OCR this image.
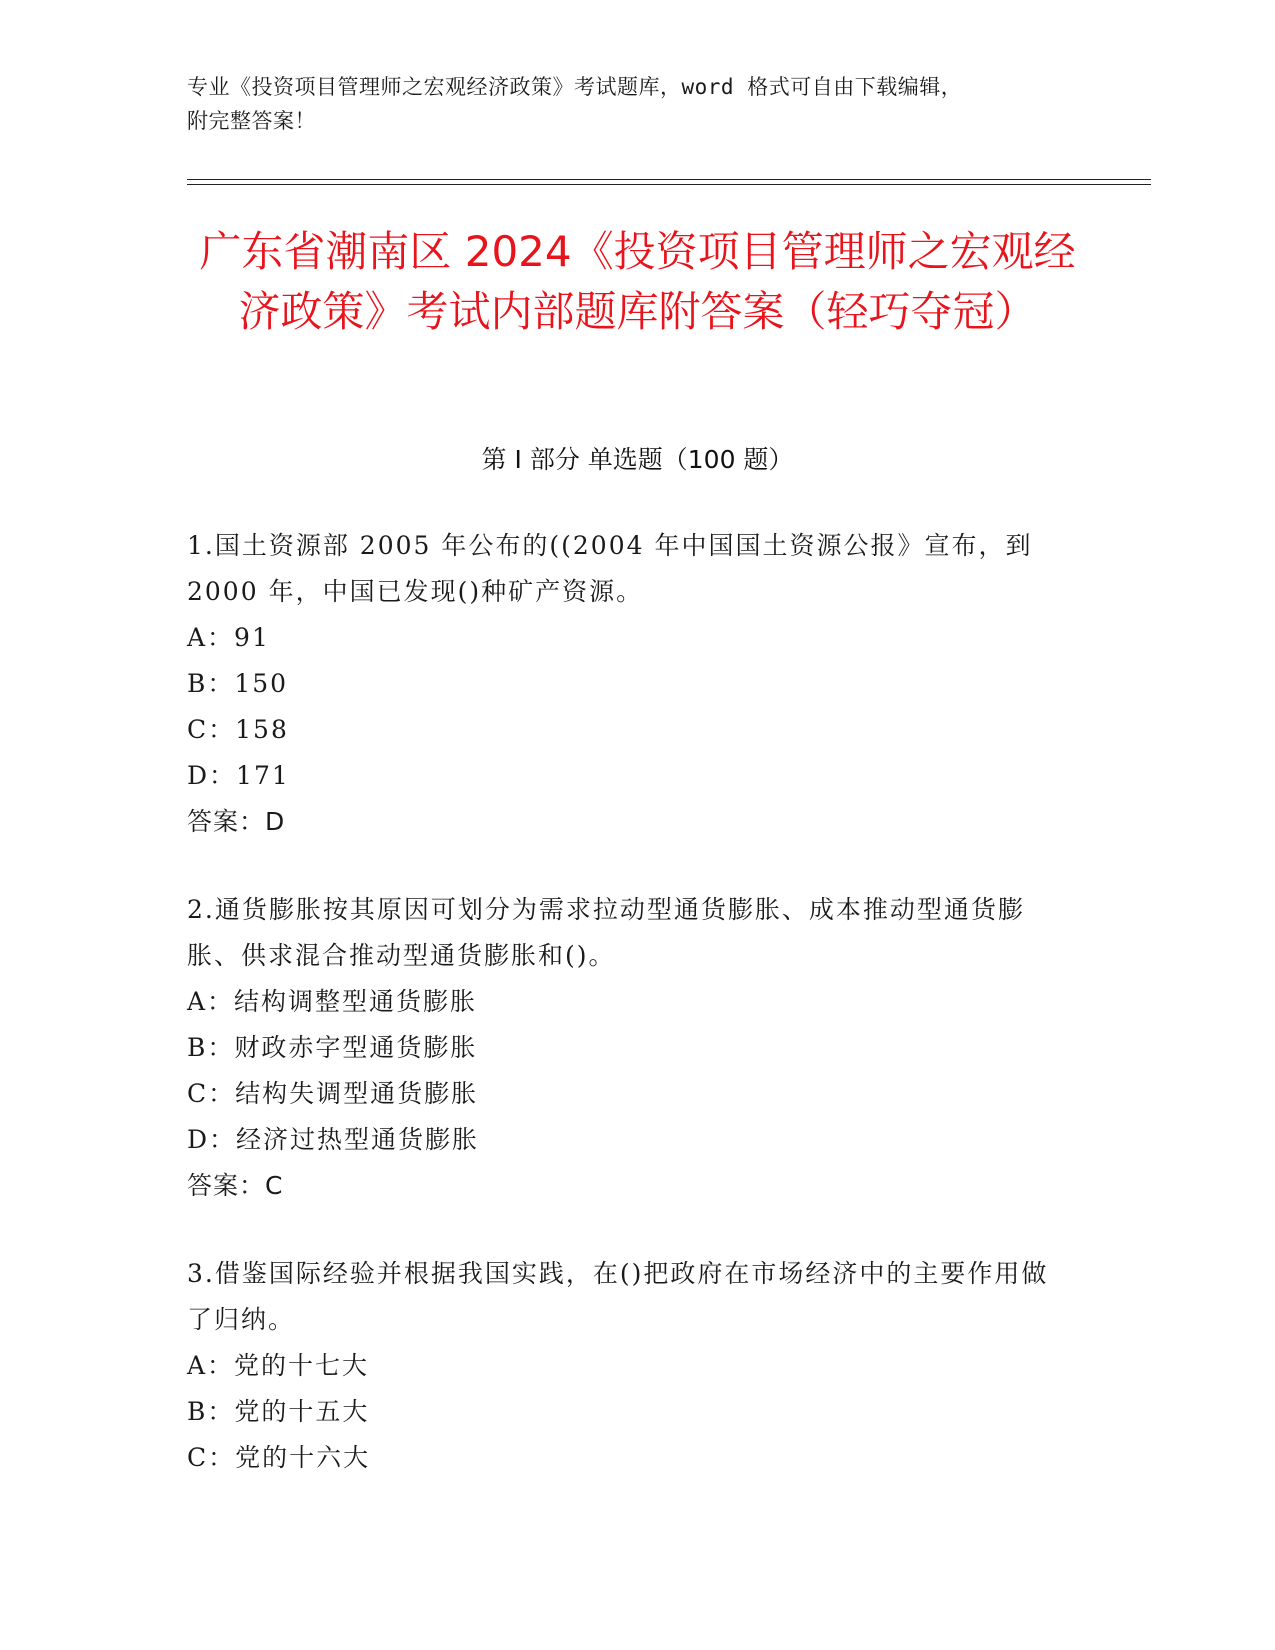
专业《投资项目管理师之宏观经济政策》考试题库，word 格式可自由下载编辑，
附完整答案！
广东省潮南区 2024《投资项目管理师之宏观经济政策》考试内部题库附答案（轻巧夺冠）
第 I 部分 单选题（100 题）

1.国土资源部 2005 年公布的((2004 年中国国土资源公报》宣布，到 2000 年，中国已发现()种矿产资源。

A：91

B：150

C：158

D：171

答案：D

2.通货膨胀按其原因可划分为需求拉动型通货膨胀、成本推动型通货膨胀、供求混合推动型通货膨胀和()。

A：结构调整型通货膨胀

B：财政赤字型通货膨胀

C：结构失调型通货膨胀

D：经济过热型通货膨胀

答案：C

3.借鉴国际经验并根据我国实践，在()把政府在市场经济中的主要作用做了归纳。

A：党的十七大

B：党的十五大

C：党的十六大
